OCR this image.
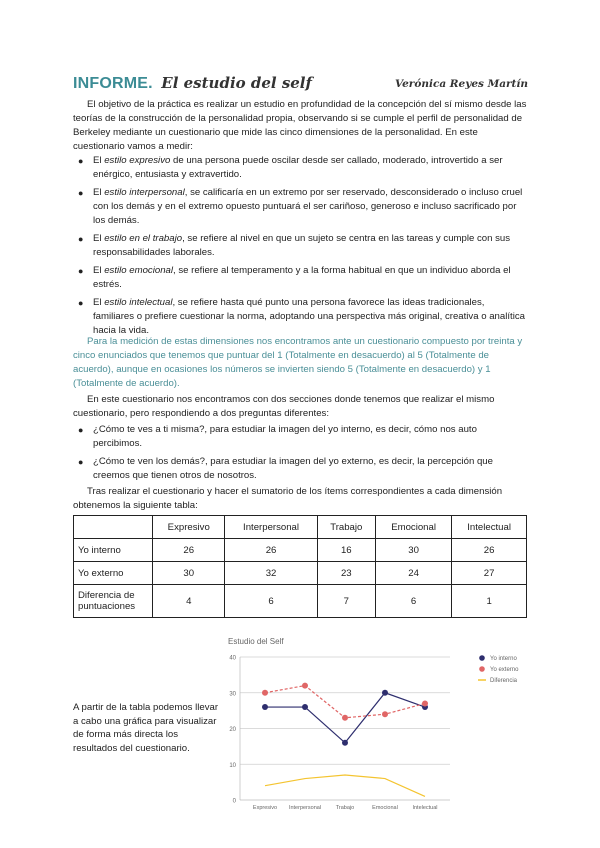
INFORME. El estudio del self	Verónica Reyes Martín

El objetivo de la práctica es realizar un estudio en profundidad de la concepción del sí mismo desde las teorías de la construcción de la personalidad propia, observando si se cumple el perfil de personalidad de Berkeley mediante un cuestionario que mide las cinco dimensiones de la personalidad. En este cuestionario vamos a medir:

● El estilo expresivo de una persona puede oscilar desde ser callado, moderado, introvertido a ser enérgico, entusiasta y extravertido.
● El estilo interpersonal, se calificaría en un extremo por ser reservado, desconsiderado o incluso cruel con los demás y en el extremo opuesto puntuará el ser cariñoso, generoso e incluso sacrificado por los demás.
● El estilo en el trabajo, se refiere al nivel en que un sujeto se centra en las tareas y cumple con sus responsabilidades laborales.
● El estilo emocional, se refiere al temperamento y a la forma habitual en que un individuo aborda el estrés.
● El estilo intelectual, se refiere hasta qué punto una persona favorece las ideas tradicionales, familiares o prefiere cuestionar la norma, adoptando una perspectiva más original, creativa o analítica hacia la vida.

Para la medición de estas dimensiones nos encontramos ante un cuestionario compuesto por treinta y cinco enunciados que tenemos que puntuar del 1 (Totalmente en desacuerdo) al 5 (Totalmente de acuerdo), aunque en ocasiones los números se invierten siendo 5 (Totalmente en desacuerdo) y 1 (Totalmente de acuerdo).

En este cuestionario nos encontramos con dos secciones donde tenemos que realizar el mismo cuestionario, pero respondiendo a dos preguntas diferentes:

● ¿Cómo te ves a ti misma?, para estudiar la imagen del yo interno, es decir, cómo nos auto percibimos.
● ¿Cómo te ven los demás?, para estudiar la imagen del yo externo, es decir, la percepción que creemos que tienen otros de nosotros.

Tras realizar el cuestionario y hacer el sumatorio de los ítems correspondientes a cada dimensión obtenemos la siguiente tabla:

	Expresivo	Interpersonal	Trabajo	Emocional	Intelectual
Yo interno	26	26	16	30	26
Yo externo	30	32	23	24	27
Diferencia de puntuaciones	4	6	7	6	1
A partir de la tabla podemos llevar a cabo una gráfica para visualizar de forma más directa los resultados del cuestionario.
Estudio del Self
0
10
20
30
40
Expresivo Interpersonal	Trabajo	Emocional	Intelectual
Yo interno
Yo externo
Diferencia
